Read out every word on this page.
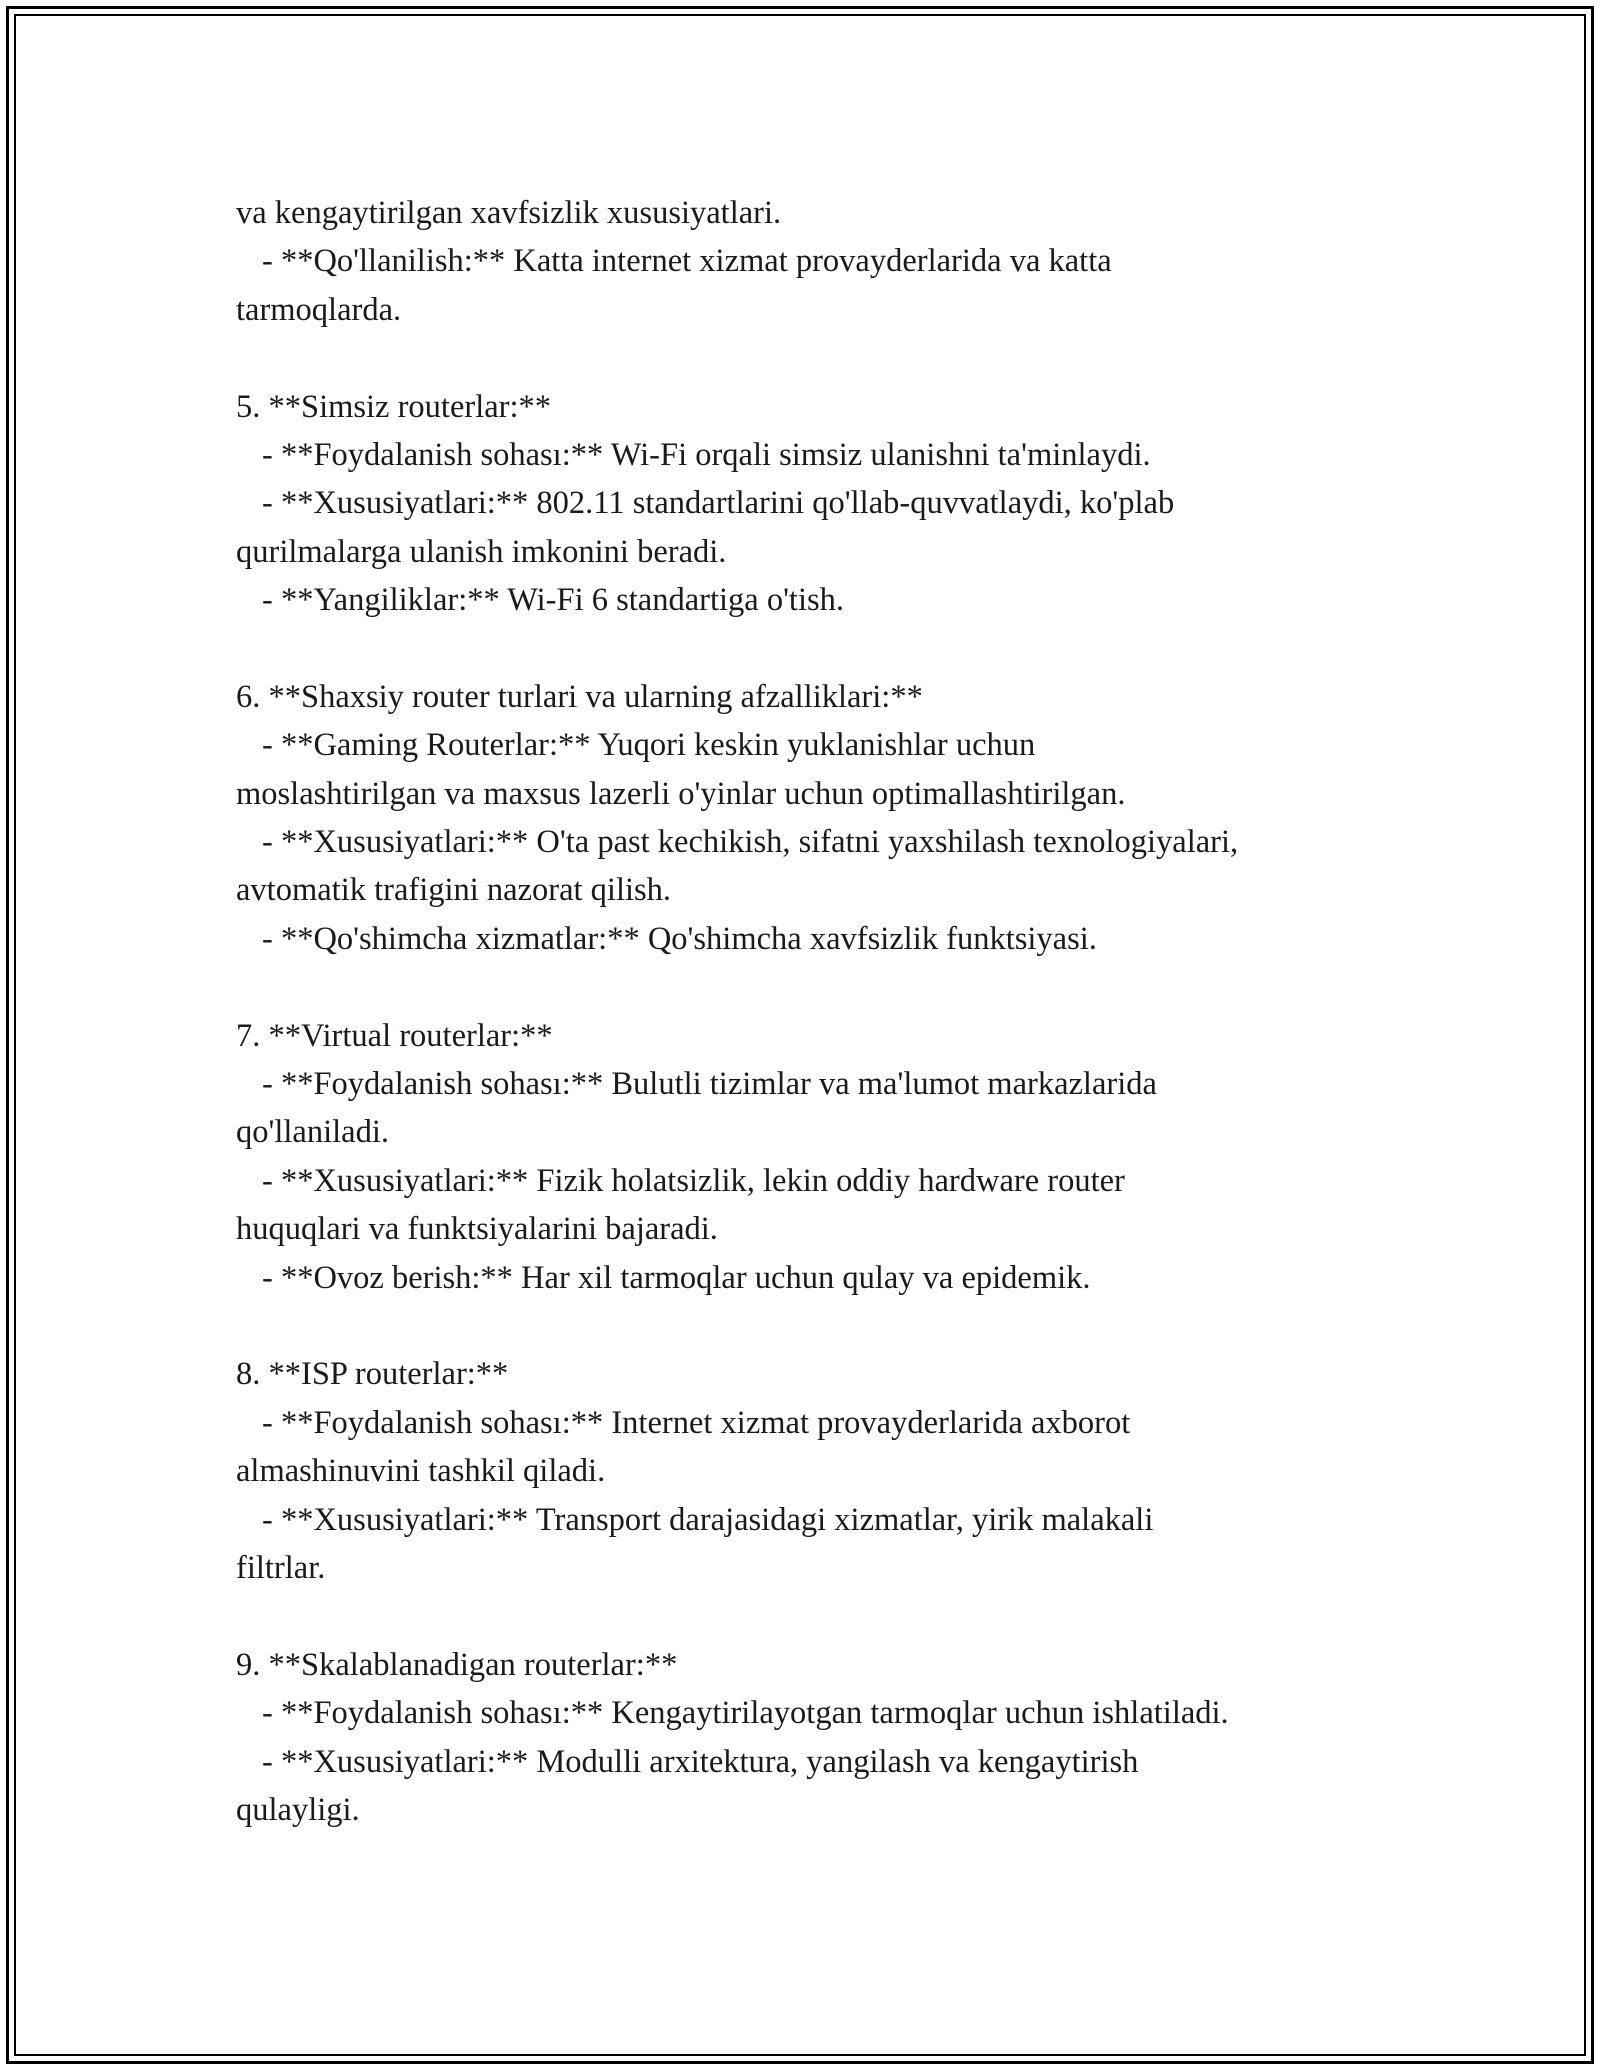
va kengaytirilgan xavfsizlik xususiyatlari.

- **Qo'llanilish:** Katta internet xizmat provayderlarida va katta

tarmoqlarda.

5. **Simsiz routerlar:**

- **Foydalanish sohası:** Wi-Fi orqali simsiz ulanishni ta'minlaydi.

- **Xususiyatlari:** 802.11 standartlarini qo'llab-quvvatlaydi, ko'plab

qurilmalarga ulanish imkonini beradi.

- **Yangiliklar:** Wi-Fi 6 standartiga o'tish.

6. **Shaxsiy router turlari va ularning afzalliklari:**

- **Gaming Routerlar:** Yuqori keskin yuklanishlar uchun

moslashtirilgan va maxsus lazerli o'yinlar uchun optimallashtirilgan.

- **Xususiyatlari:** O'ta past kechikish, sifatni yaxshilash texnologiyalari,

avtomatik trafigini nazorat qilish.

- **Qo'shimcha xizmatlar:** Qo'shimcha xavfsizlik funktsiyasi.

7. **Virtual routerlar:**

- **Foydalanish sohası:** Bulutli tizimlar va ma'lumot markazlarida

qo'llaniladi.

- **Xususiyatlari:** Fizik holatsizlik, lekin oddiy hardware router

huquqlari va funktsiyalarini bajaradi.

- **Ovoz berish:** Har xil tarmoqlar uchun qulay va epidemik.

8. **ISP routerlar:**

- **Foydalanish sohası:** Internet xizmat provayderlarida axborot

almashinuvini tashkil qiladi.

- **Xususiyatlari:** Transport darajasidagi xizmatlar, yirik malakali

filtrlar.

9. **Skalablanadigan routerlar:**

- **Foydalanish sohası:** Kengaytirilayotgan tarmoqlar uchun ishlatiladi.

- **Xususiyatlari:** Modulli arxitektura, yangilash va kengaytirish

qulayligi.
